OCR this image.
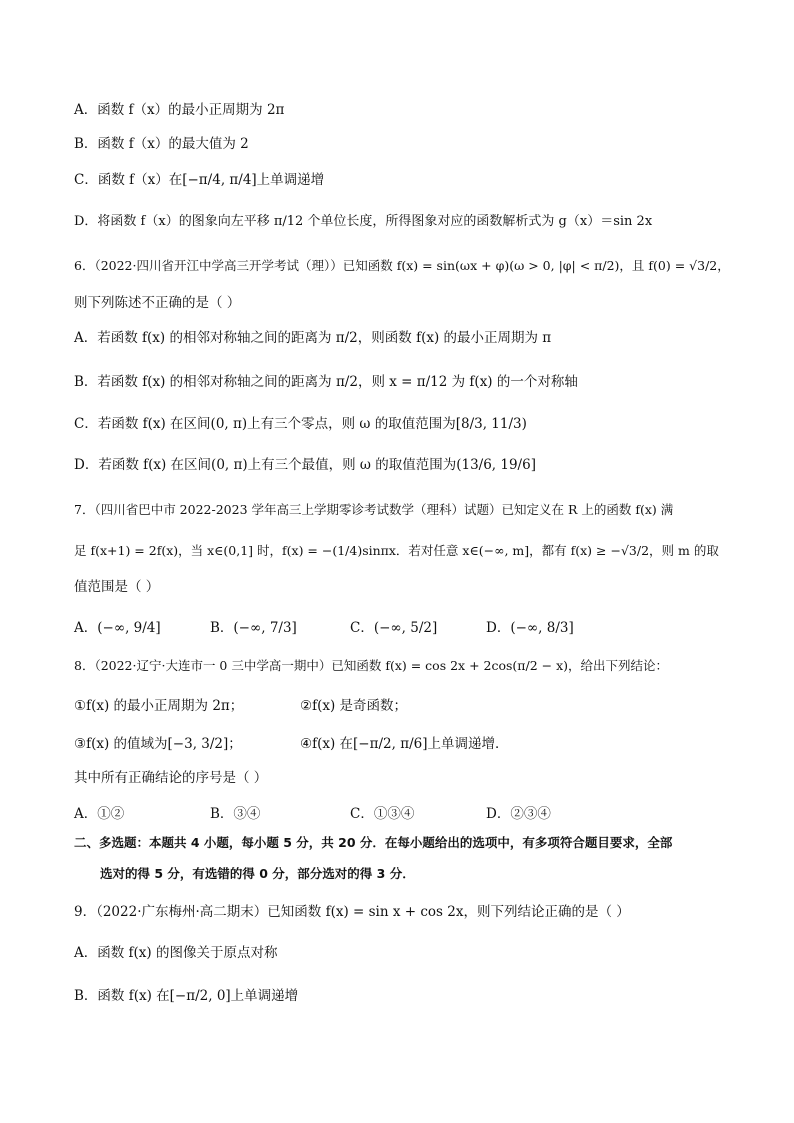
A．函数 f（x）的最小正周期为 2π
B．函数 f（x）的最大值为 2
C．函数 f（x）在[−π/4, π/4]上单调递增
D．将函数 f（x）的图象向左平移 π/12 个单位长度，所得图象对应的函数解析式为 g（x）＝sin 2x
6．（2022·四川省开江中学高三开学考试（理））已知函数 f(x) = sin(ωx + φ)(ω > 0, |φ| < π/2)，且 f(0) = √3/2，
则下列陈述不正确的是（ ）
A．若函数 f(x) 的相邻对称轴之间的距离为 π/2，则函数 f(x) 的最小正周期为 π
B．若函数 f(x) 的相邻对称轴之间的距离为 π/2，则 x = π/12 为 f(x) 的一个对称轴
C．若函数 f(x) 在区间(0, π)上有三个零点，则 ω 的取值范围为[8/3, 11/3)
D．若函数 f(x) 在区间(0, π)上有三个最值，则 ω 的取值范围为(13/6, 19/6]
7．（四川省巴中市 2022-2023 学年高三上学期零诊考试数学（理科）试题）已知定义在 R 上的函数 f(x) 满
足 f(x+1) = 2f(x)，当 x∈(0,1] 时，f(x) = −(1/4)sinπx．若对任意 x∈(−∞, m]，都有 f(x) ≥ −√3/2，则 m 的取
值范围是（ ）
A．(−∞, 9/4]	B．(−∞, 7/3]	C．(−∞, 5/2]	D．(−∞, 8/3]
8．（2022·辽宁·大连市一 0 三中学高一期中）已知函数 f(x) = cos 2x + 2cos(π/2 − x)，给出下列结论：
①f(x) 的最小正周期为 2π；	②f(x) 是奇函数；
③f(x) 的值域为[−3, 3/2]；	④f(x) 在[−π/2, π/6]上单调递增．
其中所有正确结论的序号是（ ）
A．①②	B．③④	C．①③④	D．②③④
二、多选题：本题共 4 小题，每小题 5 分，共 20 分．在每小题给出的选项中，有多项符合题目要求，全部
选对的得 5 分，有选错的得 0 分，部分选对的得 3 分．
9．（2022·广东梅州·高二期末）已知函数 f(x) = sin x + cos 2x，则下列结论正确的是（ ）
A．函数 f(x) 的图像关于原点对称
B．函数 f(x) 在[−π/2, 0]上单调递增
